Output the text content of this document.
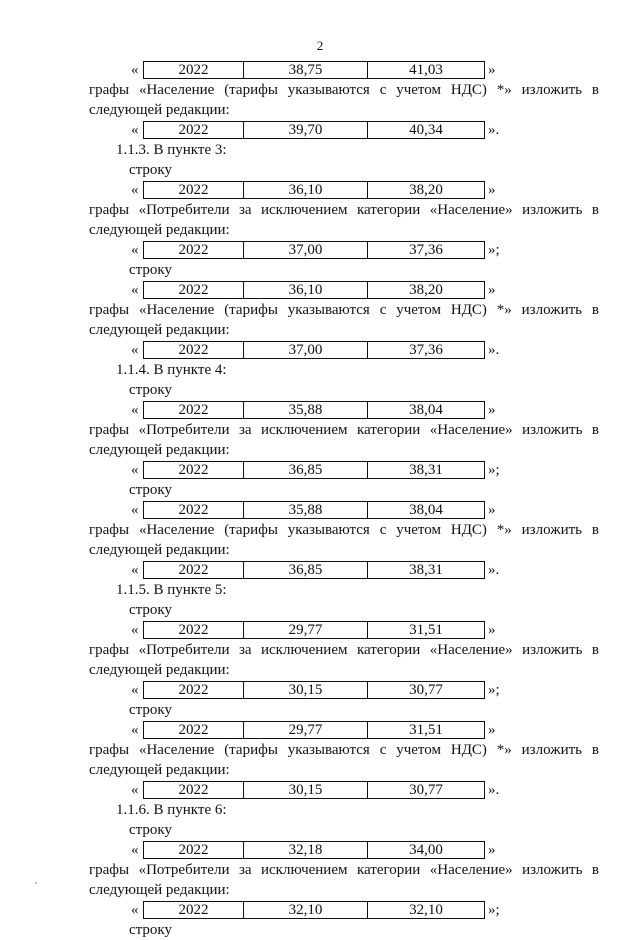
2
«	2022	38,75	41,03	»
графы «Население (тарифы указываются с учетом НДС) *» изложить в
следующей редакции:
«	2022	39,70	40,34	».
1.1.3. В пункте 3:
строку
«	2022	36,10	38,20	»
графы «Потребители за исключением категории «Население» изложить в
следующей редакции:
«	2022	37,00	37,36	»;
строку
«	2022	36,10	38,20	»
графы «Население (тарифы указываются с учетом НДС) *» изложить в
следующей редакции:
«	2022	37,00	37,36	».
1.1.4. В пункте 4:
строку
«	2022	35,88	38,04	»
графы «Потребители за исключением категории «Население» изложить в
следующей редакции:
«	2022	36,85	38,31	»;
строку
«	2022	35,88	38,04	»
графы «Население (тарифы указываются с учетом НДС) *» изложить в
следующей редакции:
«	2022	36,85	38,31	».
1.1.5. В пункте 5:
строку
«	2022	29,77	31,51	»
графы «Потребители за исключением категории «Население» изложить в
следующей редакции:
«	2022	30,15	30,77	»;
строку
«	2022	29,77	31,51	»
графы «Население (тарифы указываются с учетом НДС) *» изложить в
следующей редакции:
«	2022	30,15	30,77	».
1.1.6. В пункте 6:
строку
«	2022	32,18	34,00	»
графы «Потребители за исключением категории «Население» изложить в
следующей редакции:
«	2022	32,10	32,10	»;
строку
